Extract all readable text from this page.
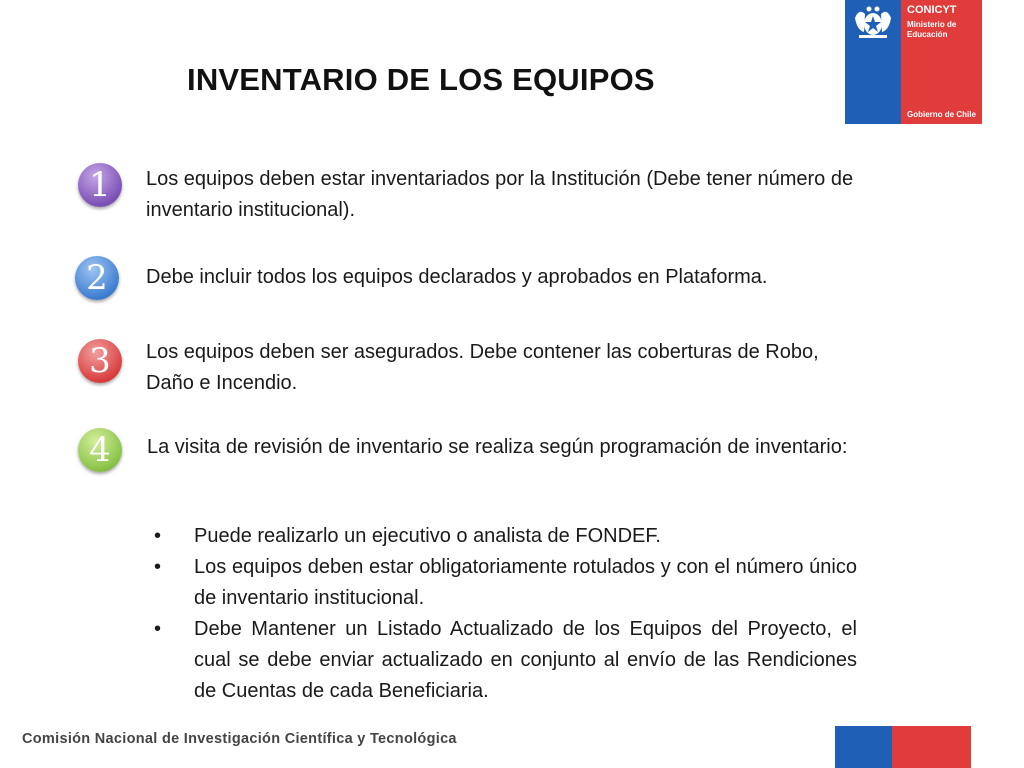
INVENTARIO DE LOS EQUIPOS
CONICYT
Ministerio de
Educación
Gobierno de Chile
1	Los equipos deben estar inventariados por la Institución (Debe tener número de inventario institucional).
2	Debe incluir todos los equipos declarados y aprobados en Plataforma.
3	Los equipos deben ser asegurados. Debe contener las coberturas de Robo, Daño e Incendio.
4	La visita de revisión de inventario se realiza según programación de inventario:
• Puede realizarlo un ejecutivo o analista de FONDEF.
• Los equipos deben estar obligatoriamente rotulados y con el número único de inventario institucional.
• Debe Mantener un Listado Actualizado de los Equipos del Proyecto, el cual se debe enviar actualizado en conjunto al envío de las Rendiciones de Cuentas de cada Beneficiaria.
Comisión Nacional de Investigación Científica y Tecnológica
